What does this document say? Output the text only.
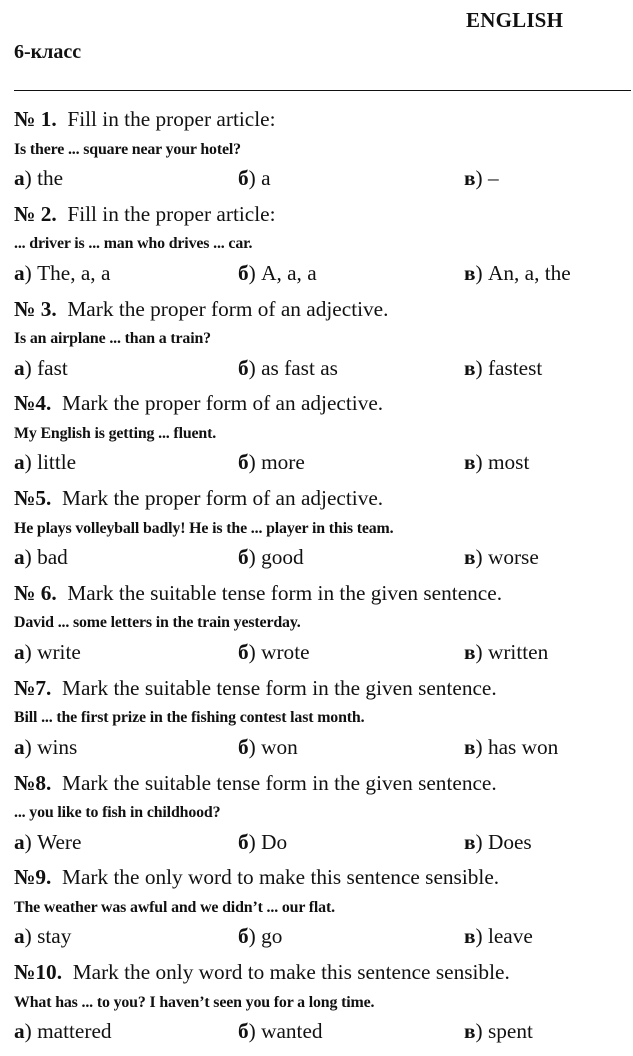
ENGLISH
6-класс
№ 1. Fill in the proper article:
Is there ... square near your hotel?
а) the	б) a	в) –
№ 2. Fill in the proper article:
... driver is ... man who drives ... car.
а) The, a, a	б) A, a, a	в) An, a, the
№ 3. Mark the proper form of an adjective.
Is an airplane ... than a train?
а) fast	б) as fast as	в) fastest
№4. Mark the proper form of an adjective.
My English is getting ... fluent.
а) little	б) more	в) most
№5. Mark the proper form of an adjective.
He plays volleyball badly! He is the ... player in this team.
а) bad	б) good	в) worse
№ 6. Mark the suitable tense form in the given sentence.
David ... some letters in the train yesterday.
а) write	б) wrote	в) written
№7. Mark the suitable tense form in the given sentence.
Bill ... the first prize in the fishing contest last month.
а) wins	б) won	в) has won
№8. Mark the suitable tense form in the given sentence.
... you like to fish in childhood?
а) Were	б) Do	в) Does
№9. Mark the only word to make this sentence sensible.
The weather was awful and we didn’t ... our flat.
а) stay	б) go	в) leave
№10. Mark the only word to make this sentence sensible.
What has ... to you? I haven’t seen you for a long time.
а) mattered	б) wanted	в) spent
